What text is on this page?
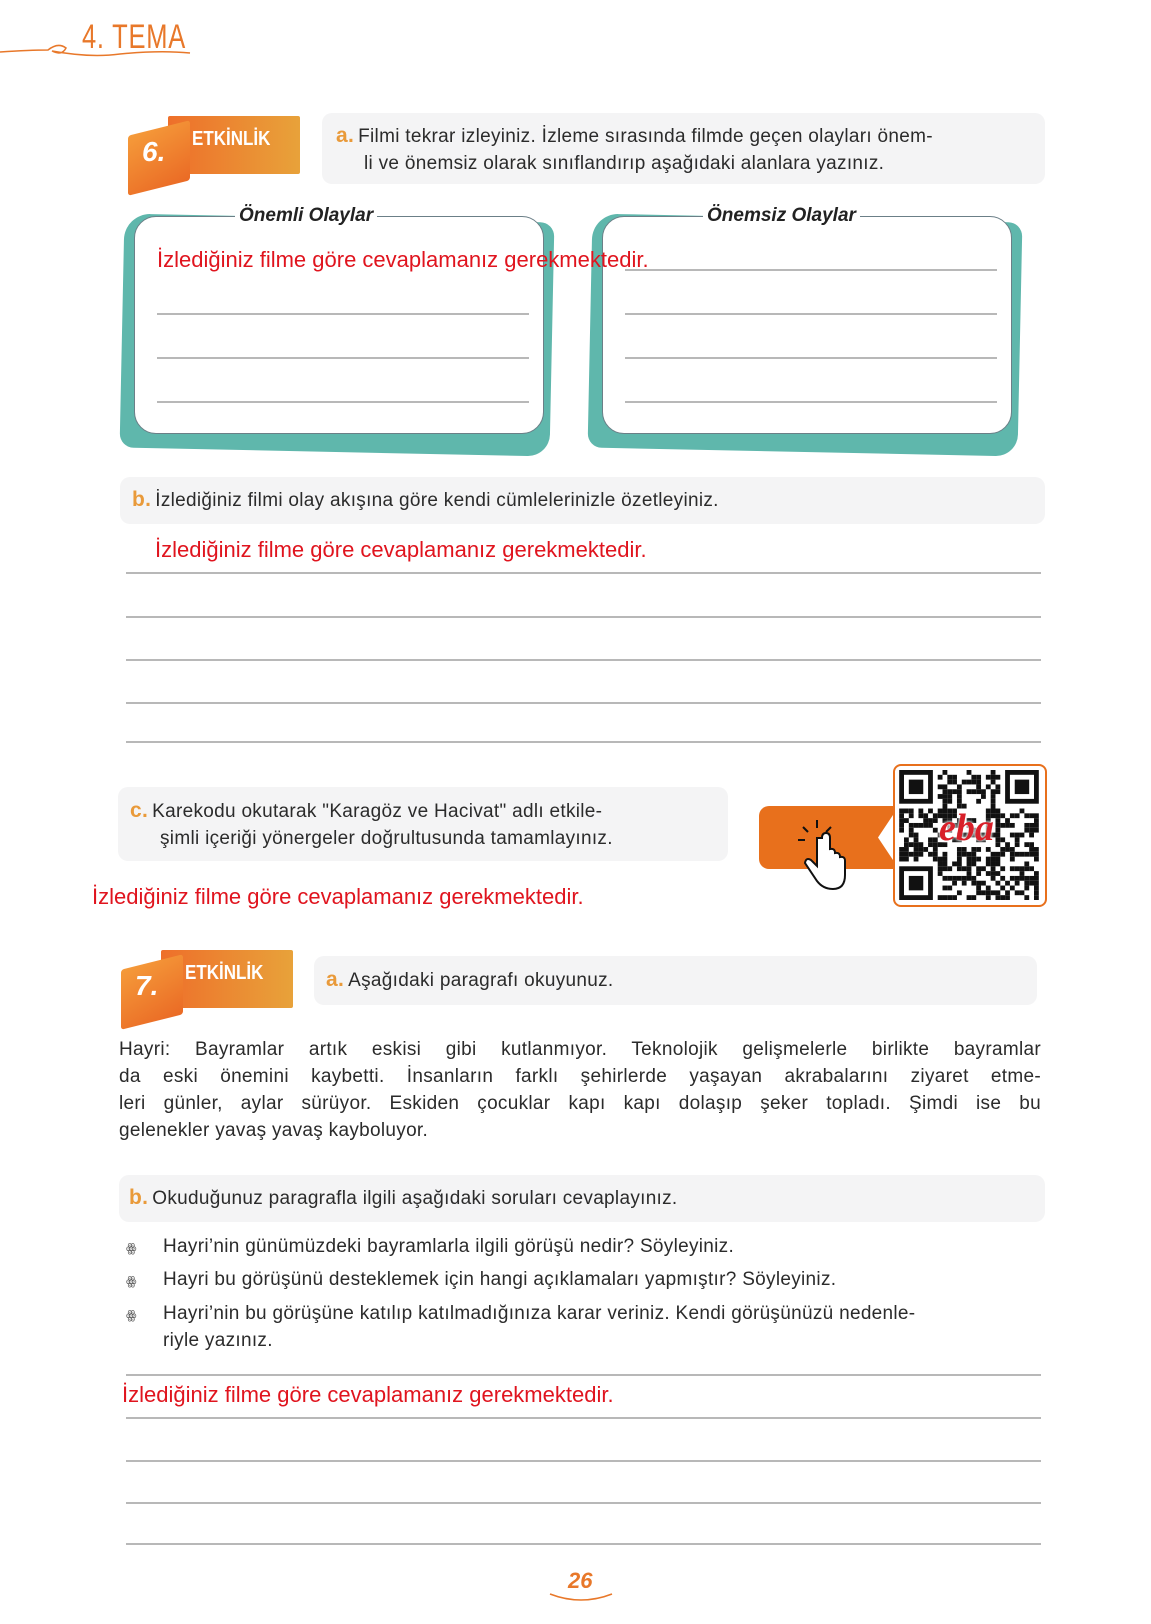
4. TEMA
6. ETKİNLİK	a. Filmi tekrar izleyiniz. İzleme sırasında filmde geçen olayları önem-
li ve önemsiz olarak sınıflandırıp aşağıdaki alanlara yazınız.
Önemli Olaylar	Önemsiz Olaylar
İzlediğiniz filme göre cevaplamanız gerekmektedir.
b. İzlediğiniz filmi olay akışına göre kendi cümlelerinizle özetleyiniz.
İzlediğiniz filme göre cevaplamanız gerekmektedir.
c. Karekodu okutarak "Karagöz ve Hacivat" adlı etkile-
şimli içeriği yönergeler doğrultusunda tamamlayınız.	eba
İzlediğiniz filme göre cevaplamanız gerekmektedir.
7. ETKİNLİK	a. Aşağıdaki paragrafı okuyunuz.
Hayri: Bayramlar artık eskisi gibi kutlanmıyor. Teknolojik gelişmelerle birlikte bayramlar
da eski önemini kaybetti. İnsanların farklı şehirlerde yaşayan akrabalarını ziyaret etme-
leri günler, aylar sürüyor. Eskiden çocuklar kapı kapı dolaşıp şeker topladı. Şimdi ise bu
gelenekler yavaş yavaş kayboluyor.
b. Okuduğunuz paragrafla ilgili aşağıdaki soruları cevaplayınız.
ꙮ Hayri’nin günümüzdeki bayramlarla ilgili görüşü nedir? Söyleyiniz.
ꙮ Hayri bu görüşünü desteklemek için hangi açıklamaları yapmıştır? Söyleyiniz.
ꙮ Hayri’nin bu görüşüne katılıp katılmadığınıza karar veriniz. Kendi görüşünüzü nedenle-
riyle yazınız.
İzlediğiniz filme göre cevaplamanız gerekmektedir.
26
